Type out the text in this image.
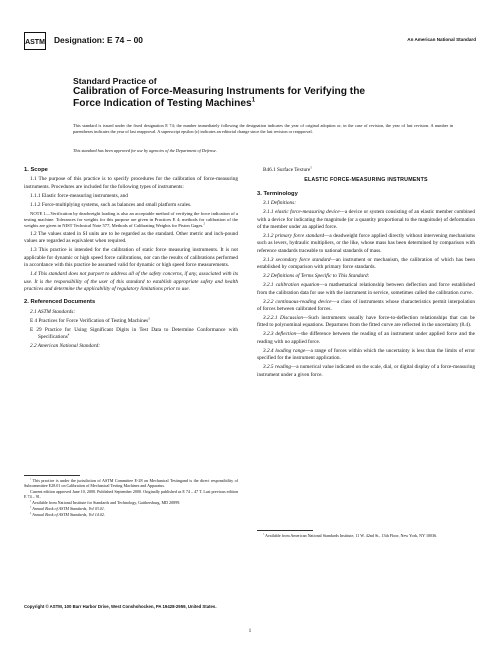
ASTM Designation: E 74 – 00	An American National Standard
Standard Practice of
Calibration of Force-Measuring Instruments for Verifying the
Force Indication of Testing Machines$^1$
This standard is issued under the fixed designation E 74; the number immediately following the designation indicates the year of original adoption or, in the case of revision, the year of last revision. A number in parentheses indicates the year of last reapproval. A superscript epsilon (ε) indicates an editorial change since the last revision or reapproval.
This standard has been approved for use by agencies of the Department of Defense.
1. Scope

1.1 The purpose of this practice is to specify procedures for the calibration of force-measuring instruments. Procedures are included for the following types of instruments:

1.1.1 Elastic force-measuring instruments, and

1.1.2 Force-multiplying systems, such as balances and small platform scales.

NOTE 1—Verification by deadweight loading is also an acceptable method of verifying the force indication of a testing machine. Tolerances for weights for this purpose are given in Practices E 4; methods for calibration of the weights are given in NIST Technical Note 577, Methods of Calibrating Weights for Piston Gages.$^2$

1.2 The values stated in SI units are to be regarded as the standard. Other metric and inch-pound values are regarded as equivalent when required.

1.3 This practice is intended for the calibration of static force measuring instruments. It is not applicable for dynamic or high speed force calibrations, nor can the results of calibrations performed in accordance with this practice be assumed valid for dynamic or high speed force measurements.

1.4 This standard does not purport to address all of the safety concerns, if any, associated with its use. It is the responsibility of the user of this standard to establish appropriate safety and health practices and determine the applicability of regulatory limitations prior to use.

2. Referenced Documents

2.1 ASTM Standards:

E 4 Practices for Force Verification of Testing Machines$^3$

E 29 Practice for Using Significant Digits in Test Data to Determine Conformance with Specifications$^4$

2.2 American National Standard:

B46.1 Surface Texture$^5$

ELASTIC FORCE-MEASURING INSTRUMENTS
3. Terminology

3.1 Definitions:

3.1.1 elastic force-measuring device—a device or system consisting of an elastic member combined with a device for indicating the magnitude (or a quantity proportional to the magnitude) of deformation of the member under an applied force.

3.1.2 primary force standard—a deadweight force applied directly without intervening mechanisms such as levers, hydraulic multipliers, or the like, whose mass has been determined by comparison with reference standards traceable to national standards of mass.

3.1.3 secondary force standard—an instrument or mechanism, the calibration of which has been established by comparison with primary force standards.

3.2 Definitions of Terms Specific to This Standard:

3.2.1 calibration equation—a mathematical relationship between deflection and force established from the calibration data for use with the instrument in service, sometimes called the calibration curve.

3.2.2 continuous-reading device—a class of instruments whose characteristics permit interpolation of forces between calibrated forces.

3.2.2.1 Discussion—Such instruments usually have force-to-deflection relationships that can be fitted to polynominal equations. Departures from the fitted curve are reflected in the uncertainty (8.4).

3.2.3 deflection—the difference between the reading of an instrument under applied force and the reading with no applied force.

3.2.4 loading range—a range of forces within which the uncertainty is less than the limits of error specified for the instrument application.

3.2.5 reading—a numerical value indicated on the scale, dial, or digital display of a force-measuring instrument under a given force.

$^1$ This practice is under the jurisdiction of ASTM Committee E-28 on Mechanical Testingand is the direct responsibility of Subcommittee E28.01 on Calibration of Mechanical Testing Machines and Apparatus.

Current edition approved June 10, 2000. Published September 2000. Originally published as E 74 – 47 T. Last previous edition E 74 – 91.

$^2$ Available from National Institute for Standards and Technology, Gaithersburg, MD 20899.

$^3$ Annual Book of ASTM Standards, Vol 03.01.

$^4$ Annual Book of ASTM Standards, Vol 14.02.

$^5$ Available from American National Standards Institute, 11 W. 42nd St., 13th Floor, New York, NY 10036.

Copyright © ASTM, 100 Barr Harbor Drive, West Conshohocken, PA 19428-2959, United States.
1
